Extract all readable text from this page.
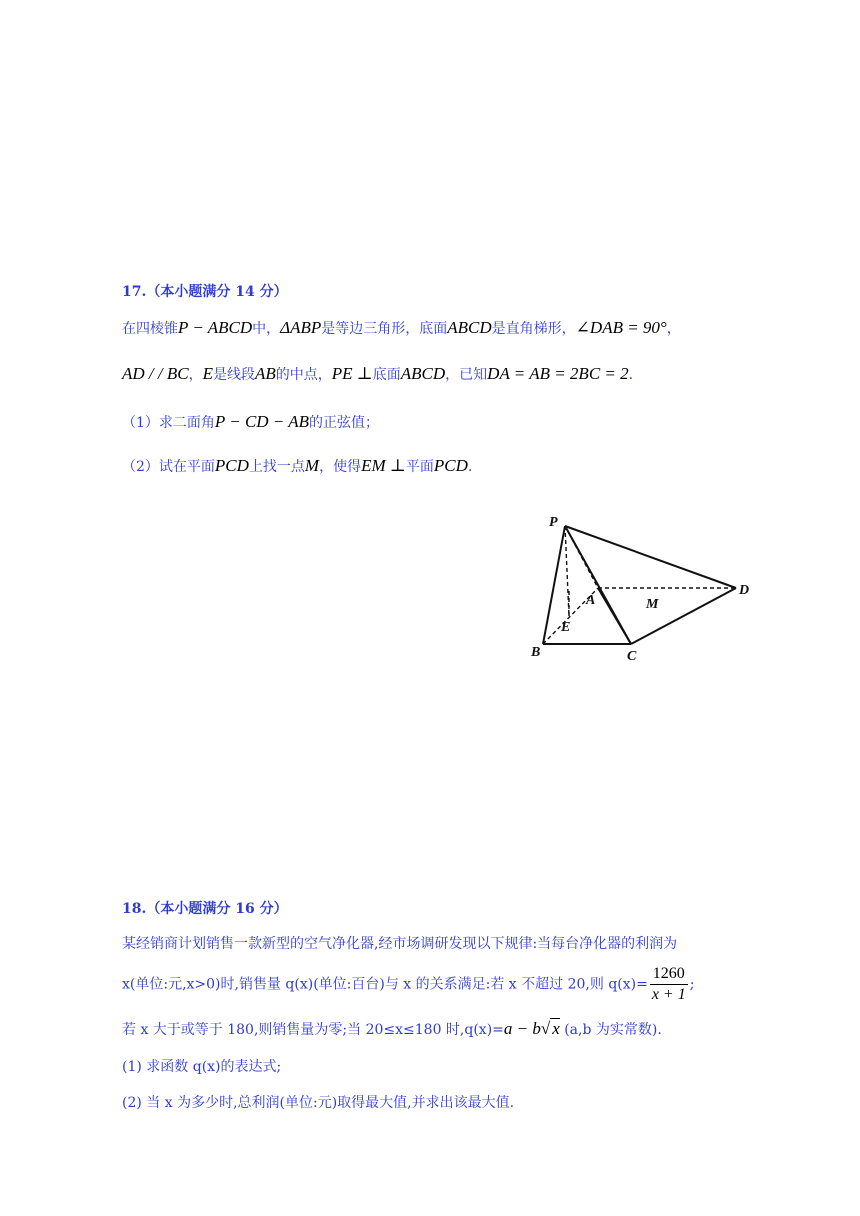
17.（本小题满分 14 分）
在四棱锥P − ABCD中，ΔABP是等边三角形，底面ABCD是直角梯形，∠DAB = 90°，
AD / / BC，E是线段AB的中点，PE ⊥底面ABCD，已知DA = AB = 2BC = 2.
（1）求二面角P − CD − AB的正弦值；
（2）试在平面PCD上找一点M，使得EM ⊥平面PCD.
P
A
B	C
D
E
M
18.（本小题满分 16 分）
某经销商计划销售一款新型的空气净化器,经市场调研发现以下规律:当每台净化器的利润为
x(单位:元,x>0)时,销售量 q(x)(单位:百台)与 x 的关系满足:若 x 不超过 20,则 $q(x)= \frac{1260}{x + 1}$ ;
若 x 大于或等于 180,则销售量为零;当 20≤x≤180 时,q(x)=a − b√ x (a,b 为实常数).
(1) 求函数 q(x)的表达式;
(2) 当 x 为多少时,总利润(单位:元)取得最大值,并求出该最大值.
